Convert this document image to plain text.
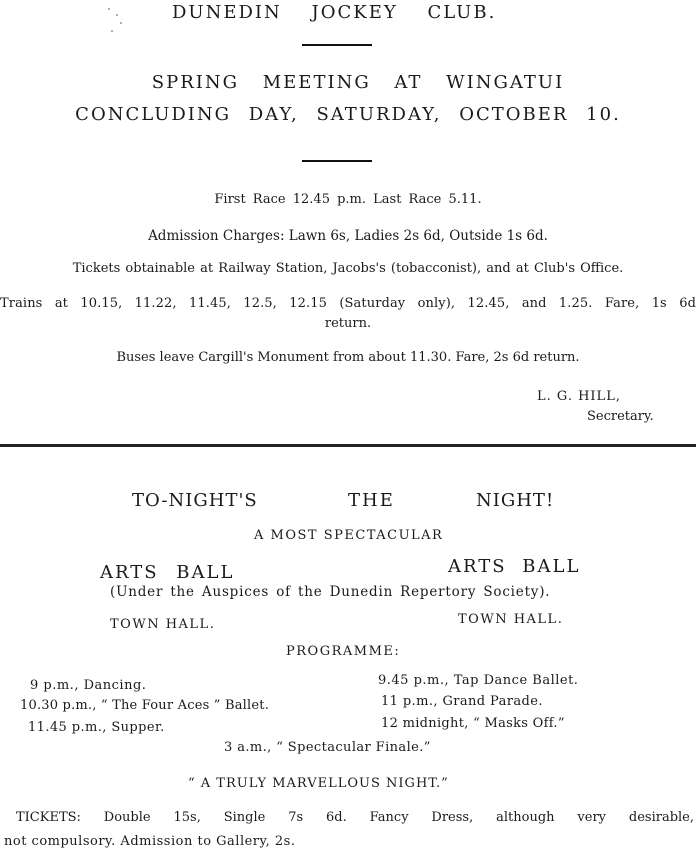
DUNEDIN JOCKEY CLUB.
SPRING MEETING AT WINGATUI
CONCLUDING DAY, SATURDAY, OCTOBER 10.
First Race 12.45 p.m. Last Race 5.11.
Admission Charges: Lawn 6s, Ladies 2s 6d, Outside 1s 6d.
Tickets obtainable at Railway Station, Jacobs's (tobacconist), and at Club's Office.
Trains at 10.15, 11.22, 11.45, 12.5, 12.15 (Saturday only), 12.45, and 1.25. Fare, 1s 6d
return.
Buses leave Cargill's Monument from about 11.30. Fare, 2s 6d return.
L. G. HILL,
Secretary.
TO-NIGHT'S	THE	NIGHT!
A MOST SPECTACULAR
ARTS BALL	ARTS BALL
(Under the Auspices of the Dunedin Repertory Society).
TOWN HALL.	TOWN HALL.
PROGRAMME:
9 p.m., Dancing.
10.30 p.m., “ The Four Aces ” Ballet.
11.45 p.m., Supper.
9.45 p.m., Tap Dance Ballet.
11 p.m., Grand Parade.
12 midnight, “ Masks Off.”
3 a.m., “ Spectacular Finale.”
“ A TRULY MARVELLOUS NIGHT.”
TICKETS: Double 15s, Single 7s 6d. Fancy Dress, although very desirable,
not compulsory. Admission to Gallery, 2s.
